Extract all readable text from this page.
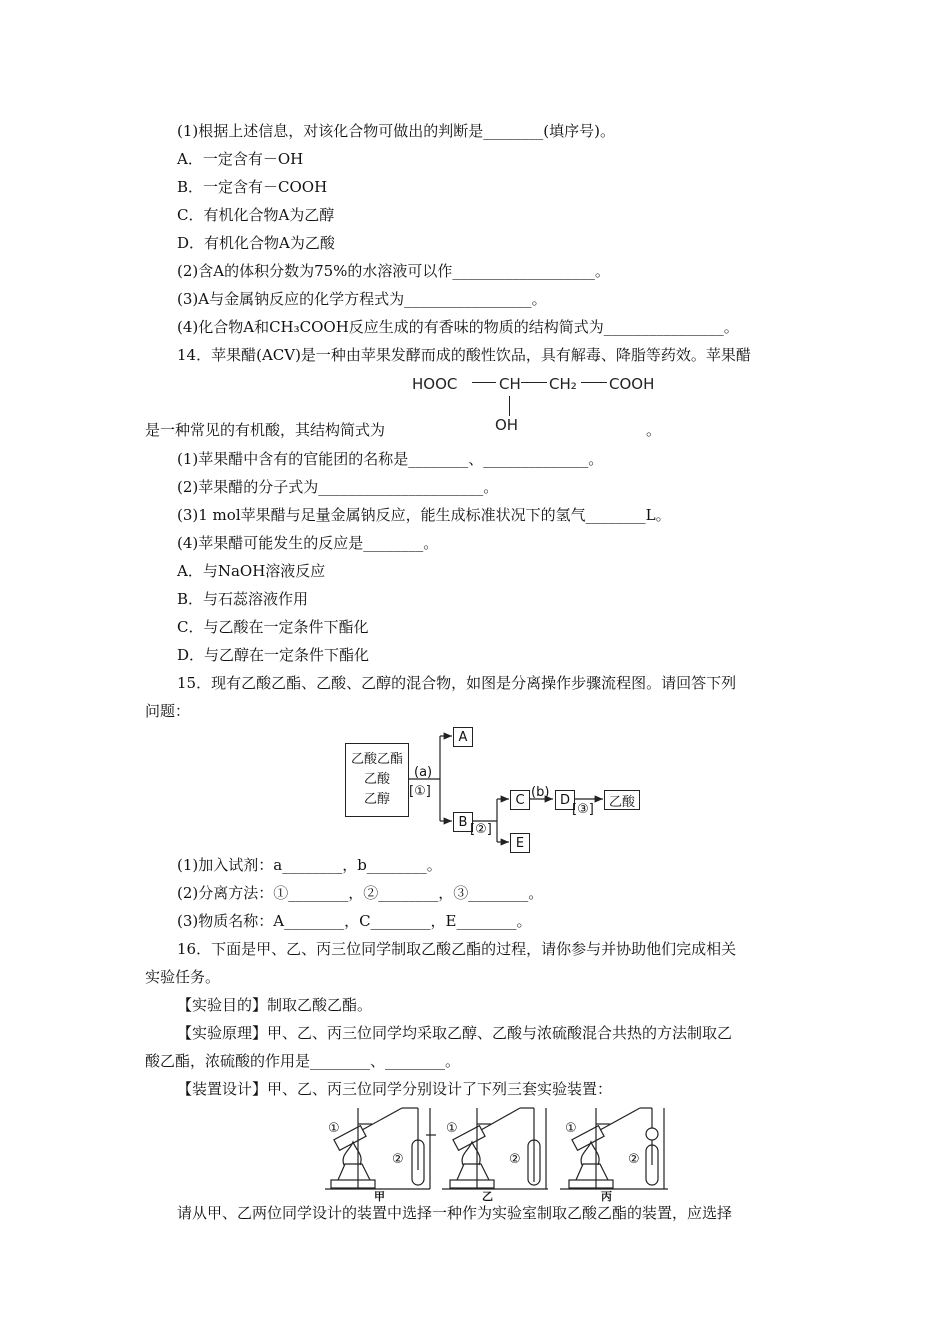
(1)根据上述信息，对该化合物可做出的判断是________(填序号)。
A．一定含有－OH
B．一定含有－COOH
C．有机化合物A为乙醇
D．有机化合物A为乙酸
(2)含A的体积分数为75%的水溶液可以作___________________。
(3)A与金属钠反应的化学方程式为_________________。
(4)化合物A和CH₃COOH反应生成的有香味的物质的结构简式为________________。
14．苹果醋(ACV)是一种由苹果发酵而成的酸性饮品，具有解毒、降脂等药效。苹果醋
HOOC	CH CH₂ COOH
OH
是一种常见的有机酸，其结构简式为	。
(1)苹果醋中含有的官能团的名称是________、______________。
(2)苹果醋的分子式为______________________。
(3)1 mol苹果醋与足量金属钠反应，能生成标准状况下的氢气________L。
(4)苹果醋可能发生的反应是________。
A．与NaOH溶液反应
B．与石蕊溶液作用
C．与乙酸在一定条件下酯化
D．与乙醇在一定条件下酯化
15．现有乙酸乙酯、乙酸、乙醇的混合物，如图是分离操作步骤流程图。请回答下列
问题：
乙酸乙酯
乙酸
乙醇
(a)
[①]
A
B [②]
C (b) D
[③] 乙酸
E
(1)加入试剂：a________，b________。
(2)分离方法：①________，②________，③________。
(3)物质名称：A________，C________，E________。
16．下面是甲、乙、丙三位同学制取乙酸乙酯的过程，请你参与并协助他们完成相关
实验任务。
【实验目的】制取乙酸乙酯。
【实验原理】甲、乙、丙三位同学均采取乙醇、乙酸与浓硫酸混合共热的方法制取乙
酸乙酯，浓硫酸的作用是________、________。
【装置设计】甲、乙、丙三位同学分别设计了下列三套实验装置：
①
②
①
②
①
②
甲	乙	丙
请从甲、乙两位同学设计的装置中选择一种作为实验室制取乙酸乙酯的装置，应选择
